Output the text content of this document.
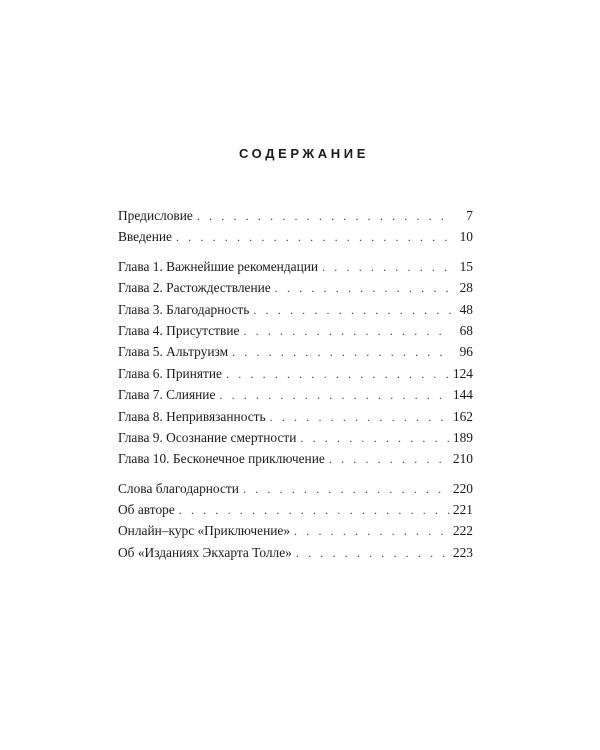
СОДЕРЖАНИЕ
Предисловие . . .	7
Введение . . .	10
Глава 1. Важнейшие рекомендации . . .	15
Глава 2. Растождествление . . .	28
Глава 3. Благодарность . . .	48
Глава 4. Присутствие . . .	68
Глава 5. Альтруизм . . .	96
Глава 6. Принятие . . .	124
Глава 7. Слияние . . .	144
Глава 8. Непривязанность . . .	162
Глава 9. Осознание смертности . . .	189
Глава 10. Бесконечное приключение . . .	210
Слова благодарности . . .	220
Об авторе . . .	221
Онлайн–курс «Приключение» . . .	222
Об «Изданиях Экхарта Толле» . . .	223
